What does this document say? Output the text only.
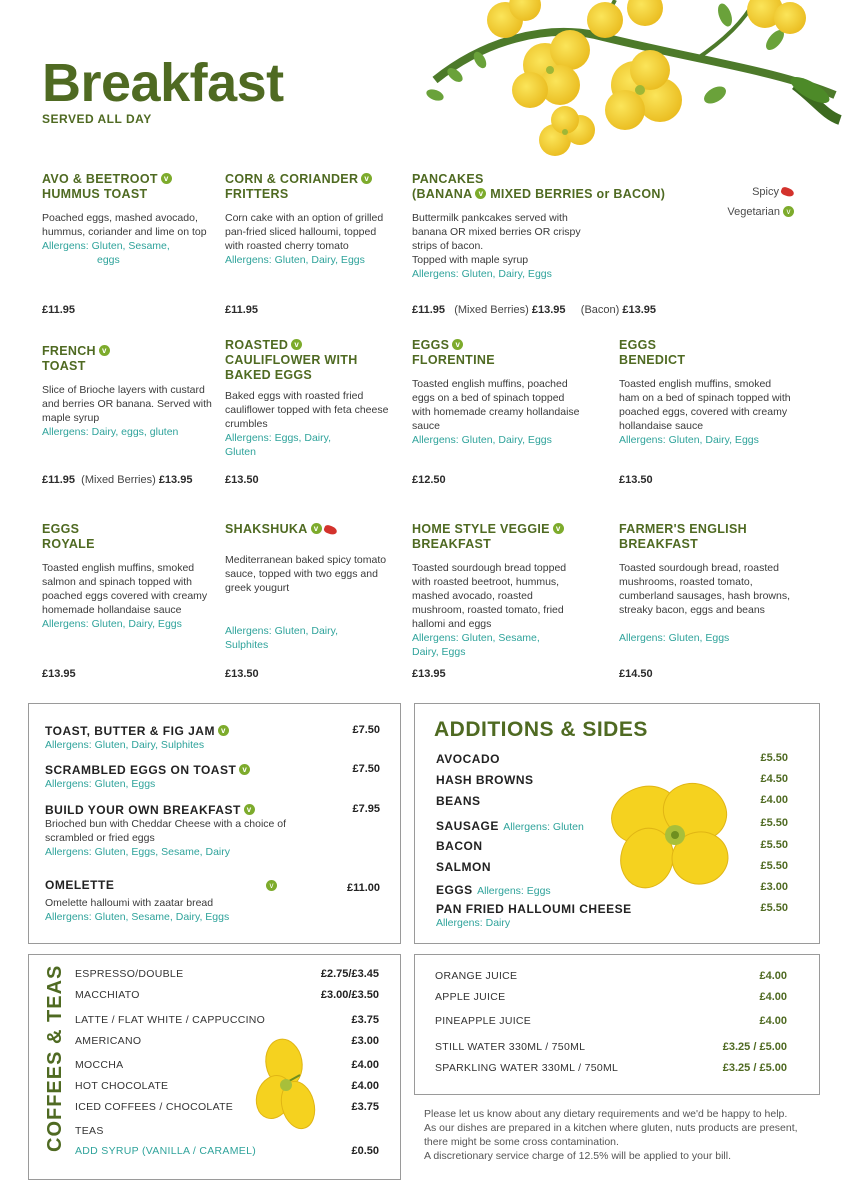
Breakfast
SERVED ALL DAY
Spicy
Vegetarian v
AVO & BEETROOT v
HUMMUS TOAST
Poached eggs, mashed avocado, hummus, coriander and lime on top
Allergens: Gluten, Sesame,
eggs
£11.95
CORN & CORIANDER v
FRITTERS
Corn cake with an option of grilled pan-fried sliced halloumi, topped with roasted cherry tomato
Allergens: Gluten, Dairy, Eggs
£11.95
PANCAKES
(BANANA v MIXED BERRIES or BACON)
Buttermilk pankcakes served with banana OR mixed berries OR crispy strips of bacon.
Topped with maple syrup
Allergens: Gluten, Dairy, Eggs
£11.95 (Mixed Berries) £13.95 (Bacon) £13.95
FRENCH v
TOAST
Slice of Brioche layers with custard and berries OR banana. Served with maple syrup
Allergens: Dairy, eggs, gluten
£11.95 (Mixed Berries) £13.95
ROASTED v
CAULIFLOWER WITH
BAKED EGGS
Baked eggs with roasted fried cauliflower topped with feta cheese crumbles
Allergens: Eggs, Dairy,
Gluten
£13.50
EGGS v
FLORENTINE
Toasted english muffins, poached eggs on a bed of spinach topped with homemade creamy hollandaise sauce
Allergens: Gluten, Dairy, Eggs
£12.50
EGGS
BENEDICT
Toasted english muffins, smoked ham on a bed of spinach topped with poached eggs, covered with creamy hollandaise sauce
Allergens: Gluten, Dairy, Eggs
£13.50
EGGS
ROYALE
Toasted english muffins, smoked salmon and spinach topped with poached eggs covered with creamy homemade hollandaise sauce
Allergens: Gluten, Dairy, Eggs
£13.95
SHAKSHUKA v
Mediterranean baked spicy tomato sauce, topped with two eggs and greek yougurt
Allergens: Gluten, Dairy,
Sulphites
£13.50
HOME STYLE VEGGIE v
BREAKFAST
Toasted sourdough bread topped with roasted beetroot, hummus, mashed avocado, roasted mushroom, roasted tomato, fried hallomi and eggs
Allergens: Gluten, Sesame,
Dairy, Eggs
£13.95
FARMER'S ENGLISH
BREAKFAST
Toasted sourdough bread, roasted mushrooms, roasted tomato, cumberland sausages, hash browns, streaky bacon, eggs and beans
Allergens: Gluten, Eggs
£14.50
TOAST, BUTTER & FIG JAM v	£7.50
Allergens: Gluten, Dairy, Sulphites
SCRAMBLED EGGS ON TOAST v	£7.50
Allergens: Gluten, Eggs
BUILD YOUR OWN BREAKFAST v	£7.95
Brioched bun with Cheddar Cheese with a choice of scrambled or fried eggs
Allergens: Gluten, Eggs, Sesame, Dairy
OMELETTE	v	£11.00
Omelette halloumi with zaatar bread
Allergens: Gluten, Sesame, Dairy, Eggs
ADDITIONS & SIDES
AVOCADO	£5.50
HASH BROWNS	£4.50
BEANS	£4.00
SAUSAGE Allergens: Gluten	£5.50
BACON	£5.50
SALMON	£5.50
EGGS Allergens: Eggs	£3.00
PAN FRIED HALLOUMI CHEESE	£5.50
Allergens: Dairy
COFFEES & TEAS ESPRESSO/DOUBLE	£2.75/£3.45
MACCHIATO	£3.00/£3.50
LATTE / FLAT WHITE / CAPPUCCINO	£3.75
AMERICANO	£3.00
MOCCHA	£4.00
HOT CHOCOLATE	£4.00
ICED COFFEES / CHOCOLATE	£3.75
TEAS
ADD SYRUP (VANILLA / CARAMEL)	£0.50
ORANGE JUICE	£4.00
APPLE JUICE	£4.00
PINEAPPLE JUICE	£4.00
STILL WATER 330ML / 750ML	£3.25 / £5.00
SPARKLING WATER 330ML / 750ML	£3.25 / £5.00
Please let us know about any dietary requirements and we'd be happy to help.
As our dishes are prepared in a kitchen where gluten, nuts products are present, there might be some cross contamination.
A discretionary service charge of 12.5% will be applied to your bill.
